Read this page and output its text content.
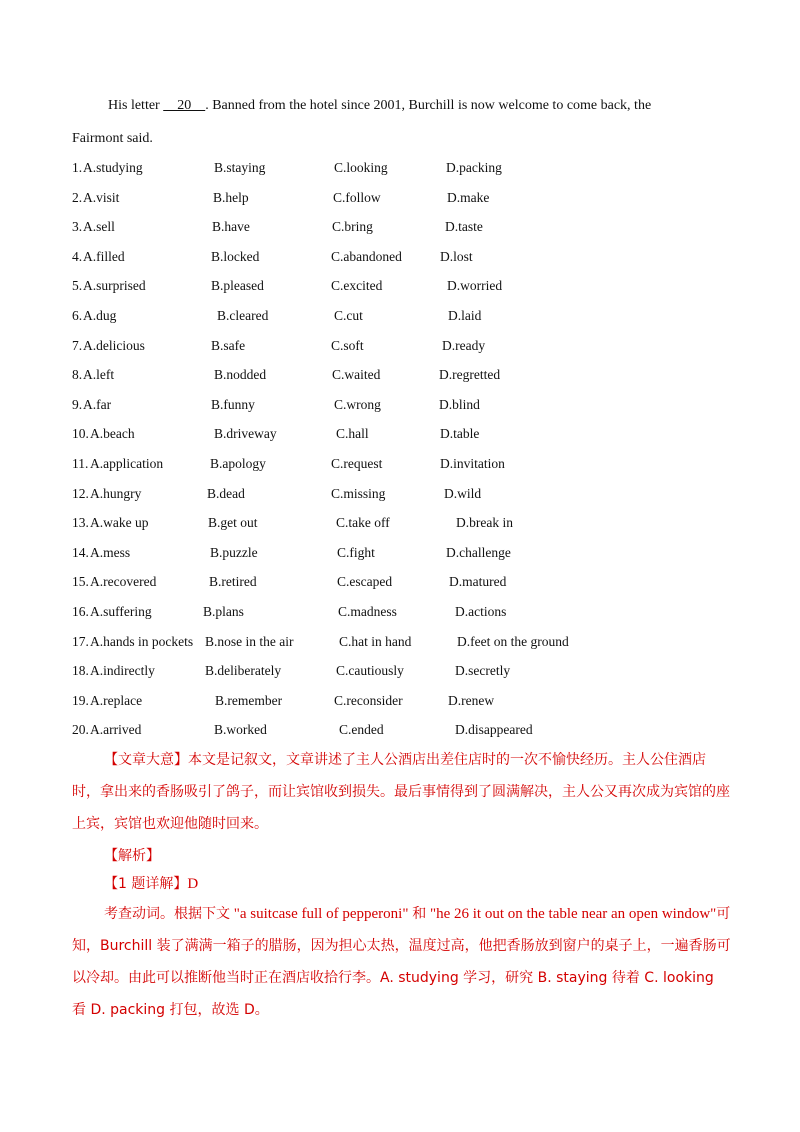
His letter     20    . Banned from the hotel since 2001, Burchill is now welcome to come back, the
Fairmont said.
1. A.studying	B.staying	C.looking	D.packing
2. A.visit	B.help	C.follow	D.make
3. A.sell	B.have	C.bring	D.taste
4. A.filled	B.locked	C.abandoned	D.lost
5. A.surprised	B.pleased	C.excited	D.worried
6. A.dug	B.cleared	C.cut	D.laid
7. A.delicious	B.safe	C.soft	D.ready
8. A.left	B.nodded	C.waited	D.regretted
9. A.far	B.funny	C.wrong	D.blind
10. A.beach	B.driveway	C.hall	D.table
11. A.application	B.apology	C.request	D.invitation
12. A.hungry	B.dead	C.missing	D.wild
13. A.wake up	B.get out	C.take off	D.break in
14. A.mess	B.puzzle	C.fight	D.challenge
15. A.recovered	B.retired	C.escaped	D.matured
16. A.suffering	B.plans	C.madness	D.actions
17. A.hands in pockets B.nose in the air	C.hat in hand	D.feet on the ground
18. A.indirectly	B.deliberately	C.cautiously	D.secretly
19. A.replace	B.remember	C.reconsider	D.renew
20. A.arrived	B.worked	C.ended	D.disappeared
【文章大意】本文是记叙文，文章讲述了主人公酒店出差住店时的一次不愉快经历。主人公住酒店时，拿出来的香肠吸引了鸽子，而让宾馆收到损失。最后事情得到了圆满解决，主人公又再次成为宾馆的座上宾，宾馆也欢迎他随时回来。
【解析】
【1 题详解】D
考查动词。根据下文 "a suitcase full of pepperoni" 和 "he 26 it out on the table near an open window"可知，Burchill 装了满满一箱子的腊肠，因为担心太热，温度过高，他把香肠放到窗户的桌子上，一遍香肠可以冷却。由此可以推断他当时正在酒店收拾行李。A. studying 学习，研究 B. staying 待着 C. looking 看 D. packing 打包，故选 D。
